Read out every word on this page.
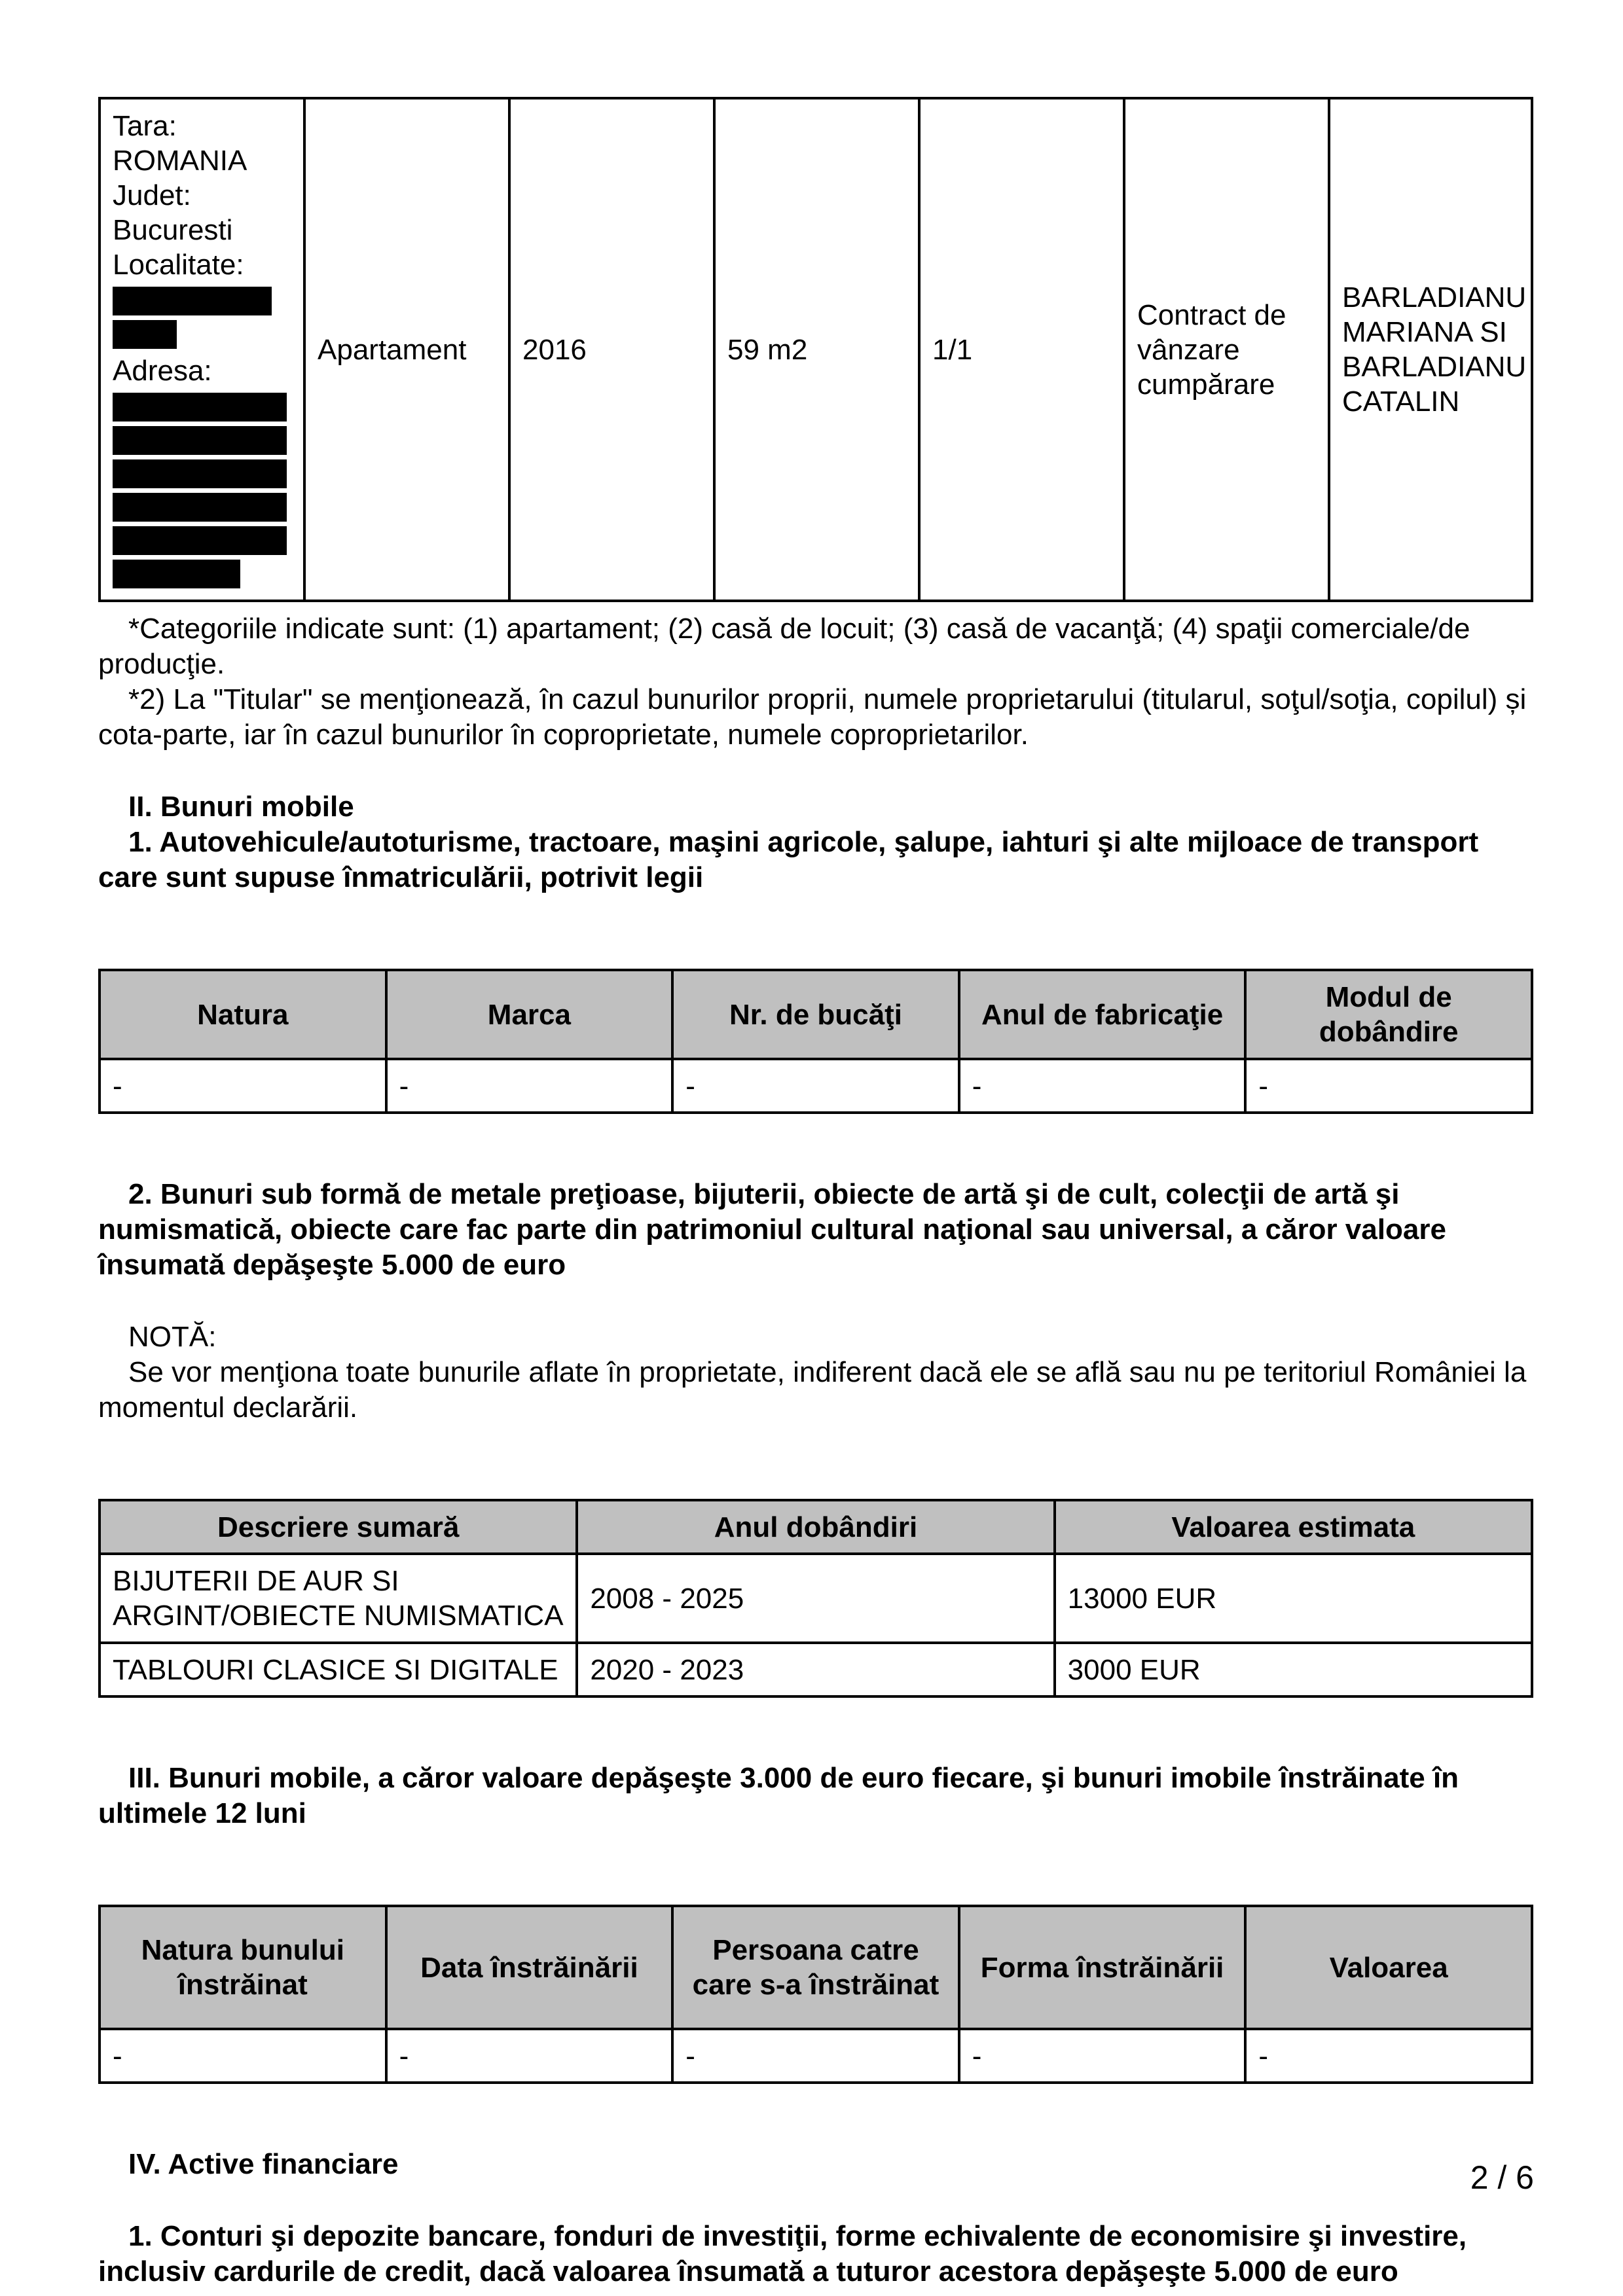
Tara:
ROMANIA
Judet:
Bucuresti
Localitate:
Adresa:
	Apartament	2016	59 m2	1/1	Contract de vânzare cumpărare	BARLADIANU MARIANA SI BARLADIANU CATALIN

*Categoriile indicate sunt: (1) apartament; (2) casă de locuit; (3) casă de vacanţă; (4) spaţii comerciale/de producţie.

*2) La "Titular" se menţionează, în cazul bunurilor proprii, numele proprietarului (titularul, soţul/soţia, copilul) și cota-parte, iar în cazul bunurilor în coproprietate, numele coproprietarilor.

II. Bunuri mobile

1. Autovehicule/autoturisme, tractoare, maşini agricole, şalupe, iahturi şi alte mijloace de transport care sunt supuse înmatriculării, potrivit legii

Natura	Marca	Nr. de bucăţi	Anul de fabricaţie	Modul de dobândire
-	-	-	-	-

2. Bunuri sub formă de metale preţioase, bijuterii, obiecte de artă şi de cult, colecţii de artă şi numismatică, obiecte care fac parte din patrimoniul cultural naţional sau universal, a căror valoare însumată depăşeşte 5.000 de euro

NOTĂ:

Se vor menţiona toate bunurile aflate în proprietate, indiferent dacă ele se află sau nu pe teritoriul României la momentul declarării.

Descriere sumară	Anul dobândiri	Valoarea estimata
BIJUTERII DE AUR SI ARGINT/OBIECTE NUMISMATICA	2008 - 2025	13000 EUR
TABLOURI CLASICE SI DIGITALE	2020 - 2023	3000 EUR

III. Bunuri mobile, a căror valoare depăşeşte 3.000 de euro fiecare, şi bunuri imobile înstrăinate în ultimele 12 luni

Natura bunului înstrăinat	Data înstrăinării	Persoana catre care s-a înstrăinat	Forma înstrăinării	Valoarea
-	-	-	-	-

IV. Active financiare

1. Conturi şi depozite bancare, fonduri de investiţii, forme echivalente de economisire şi investire, inclusiv cardurile de credit, dacă valoarea însumată a tuturor acestora depăşeşte 5.000 de euro

2 / 6
